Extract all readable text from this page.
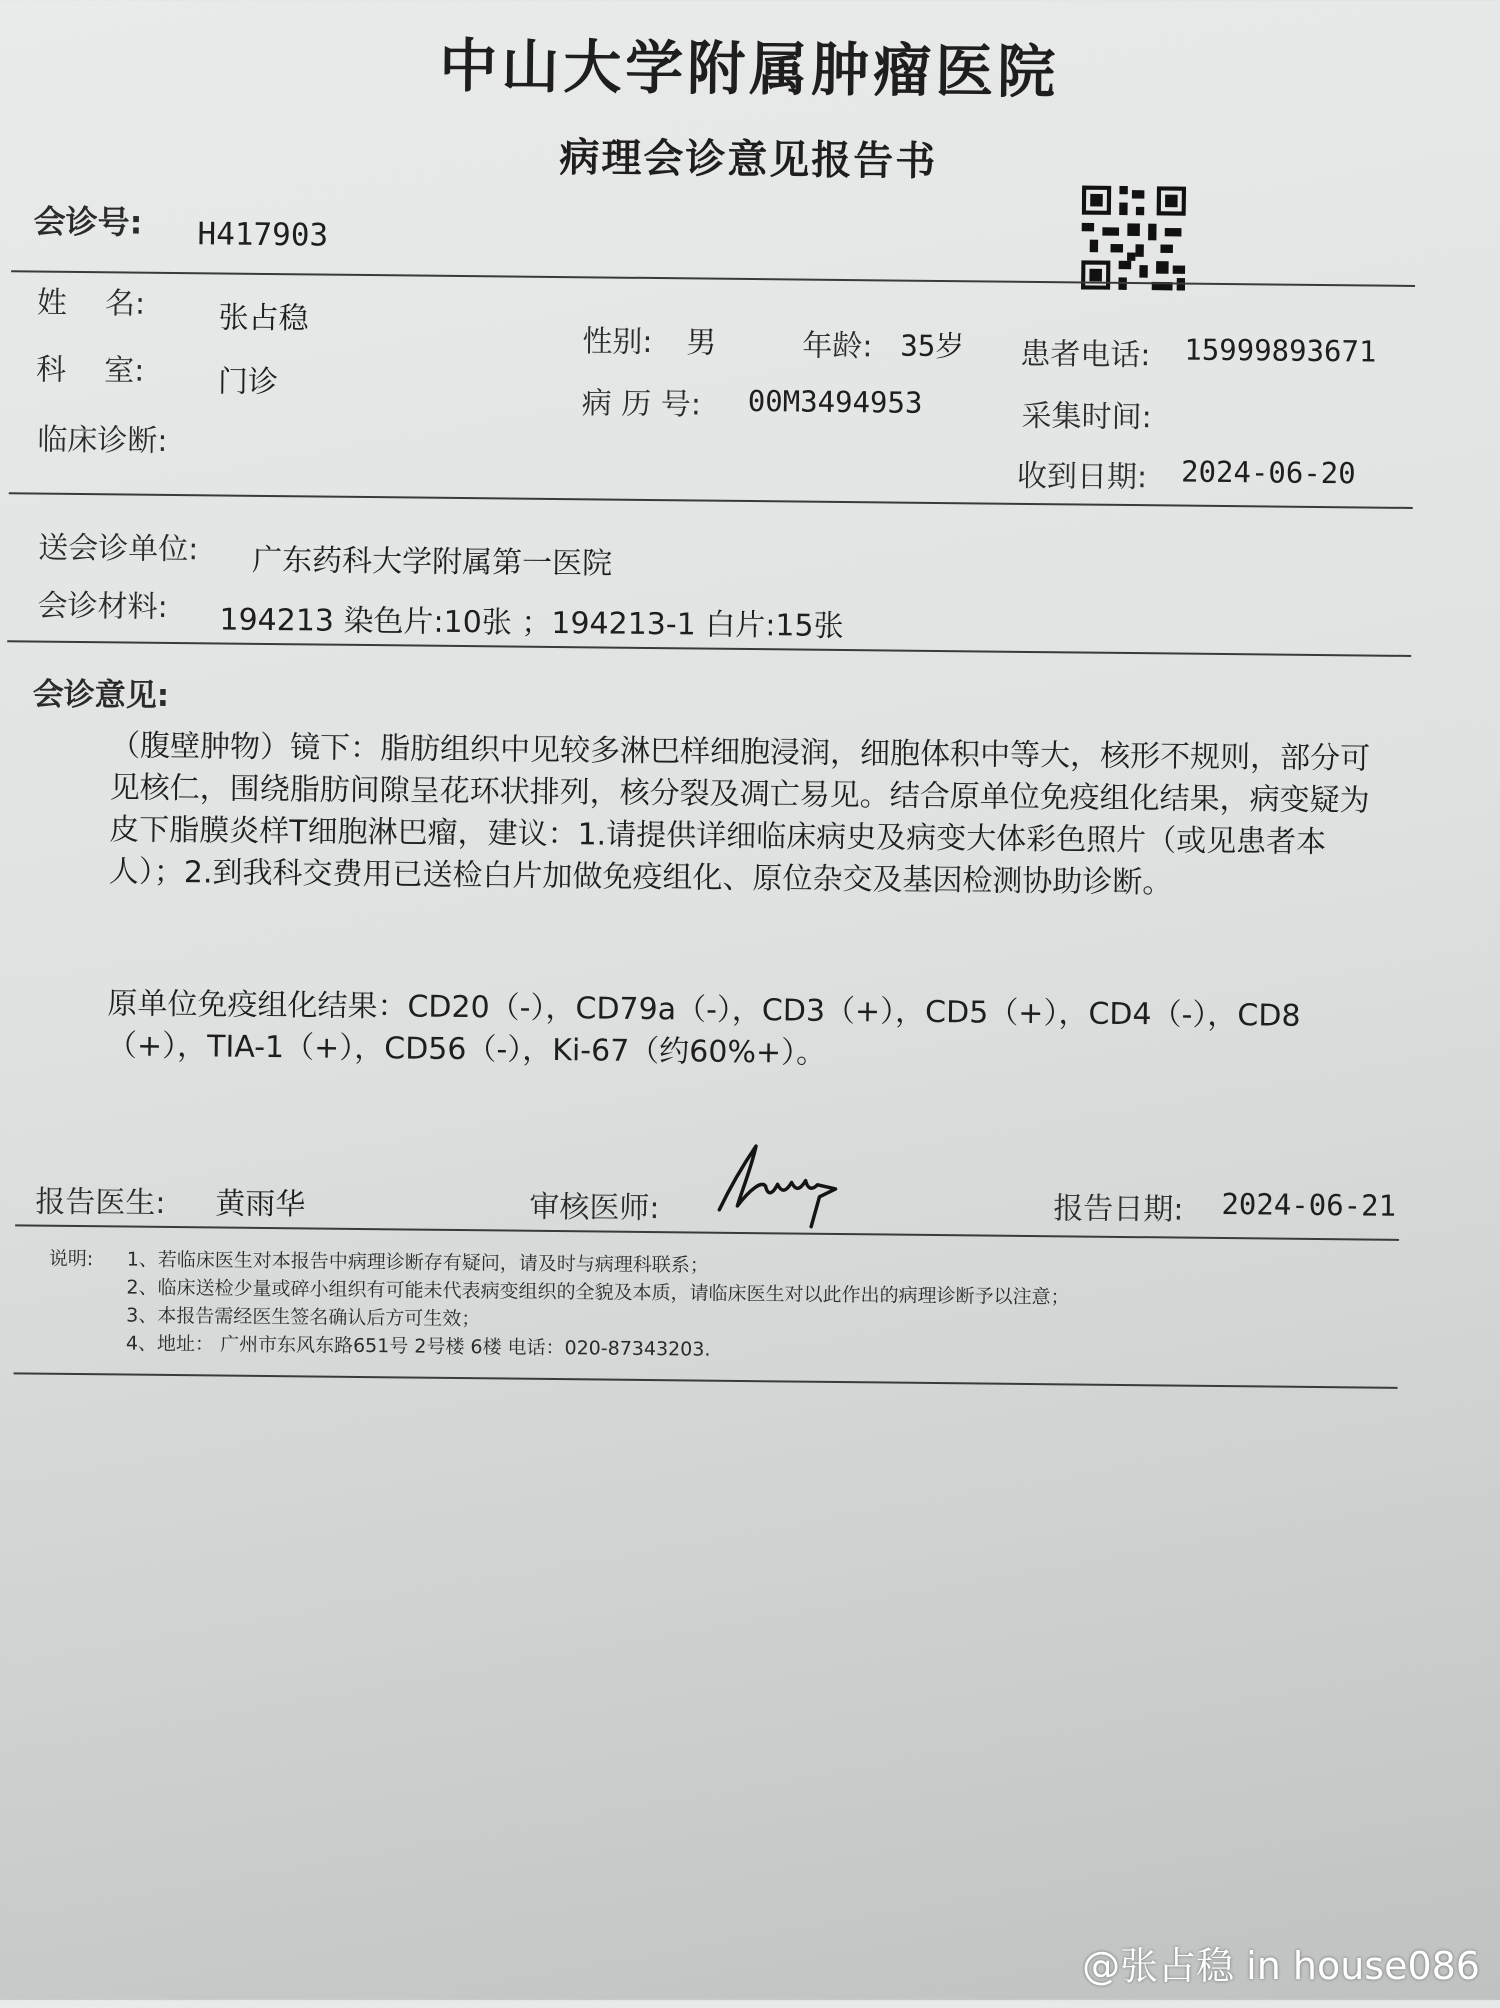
中山大学附属肿瘤医院
病理会诊意见报告书
会诊号: H417903
姓    名: 张占稳
性别: 男	年龄: 35岁 患者电话: 15999893671
科    室: 门诊
病 历 号: 00M3494953	采集时间:
临床诊断:
收到日期: 2024-06-20
送会诊单位: 广东药科大学附属第一医院
会诊材料: 194213 染色片:10张 ；194213-1 白片:15张
会诊意见:
（腹壁肿物）镜下：脂肪组织中见较多淋巴样细胞浸润，细胞体积中等大，核形不规则，部分可见核仁，围绕脂肪间隙呈花环状排列，核分裂及凋亡易见。结合原单位免疫组化结果，病变疑为皮下脂膜炎样T细胞淋巴瘤，建议：1.请提供详细临床病史及病变大体彩色照片（或见患者本人）；2.到我科交费用已送检白片加做免疫组化、原位杂交及基因检测协助诊断。
原单位免疫组化结果：CD20（-），CD79a（-），CD3（+），CD5（+），CD4（-），CD8（+），TIA-1（+），CD56（-），Ki-67（约60%+）。
报告医生: 黄雨华	审核医师:	报告日期: 2024-06-21
说明:	1、若临床医生对本报告中病理诊断存有疑问，请及时与病理科联系；
2、临床送检少量或碎小组织有可能未代表病变组织的全貌及本质，请临床医生对以此作出的病理诊断予以注意；
3、本报告需经医生签名确认后方可生效；
4、地址： 广州市东风东路651号 2号楼 6楼 电话：020-87343203.
@张占稳 in house086
